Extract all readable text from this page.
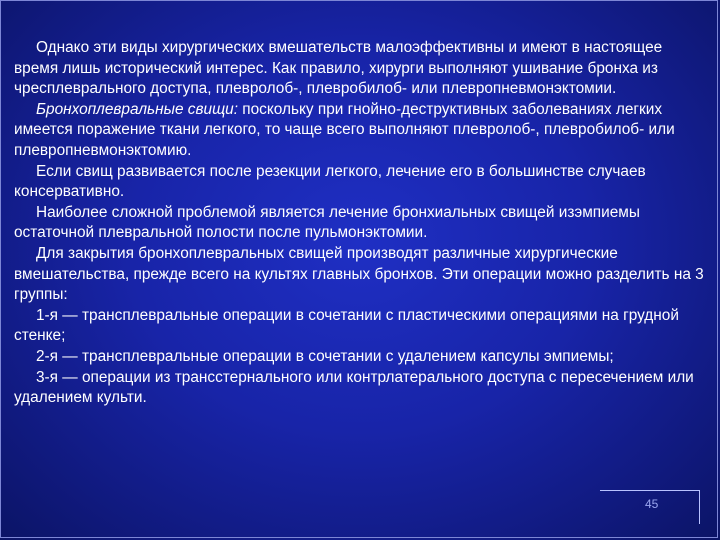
Однако эти виды хирургических вмешательств малоэффективны и имеют в настоящее время лишь исторический интерес. Как правило, хирурги выполняют ушивание бронха из чресплеврального доступа, плевролоб-, плевробилоб- или плевропневмонэктомии.

Бронхоплевральные свищи: поскольку при гнойно-деструктивных заболеваниях легких имеется поражение ткани легкого, то чаще всего выполняют плевролоб-, плевробилоб- или плевропневмонэктомию.

Если свищ развивается после резекции легкого, лечение его в большинстве случаев консервативно.

Наиболее сложной проблемой является лечение бронхиальных свищей изэмпиемы остаточной плевральной полости после пульмонэктомии.

Для закрытия бронхоплевральных свищей производят различные хирургические вмешательства, прежде всего на культях главных бронхов. Эти операции можно разделить на 3 группы:

1-я — трансплевральные операции в сочетании с пластическими операциями на грудной стенке;

2-я — трансплевральные операции в сочетании с удалением капсулы эмпиемы;

3-я — операции из трансстернального или контрлатерального доступа с пересечением или удалением культи.

45
